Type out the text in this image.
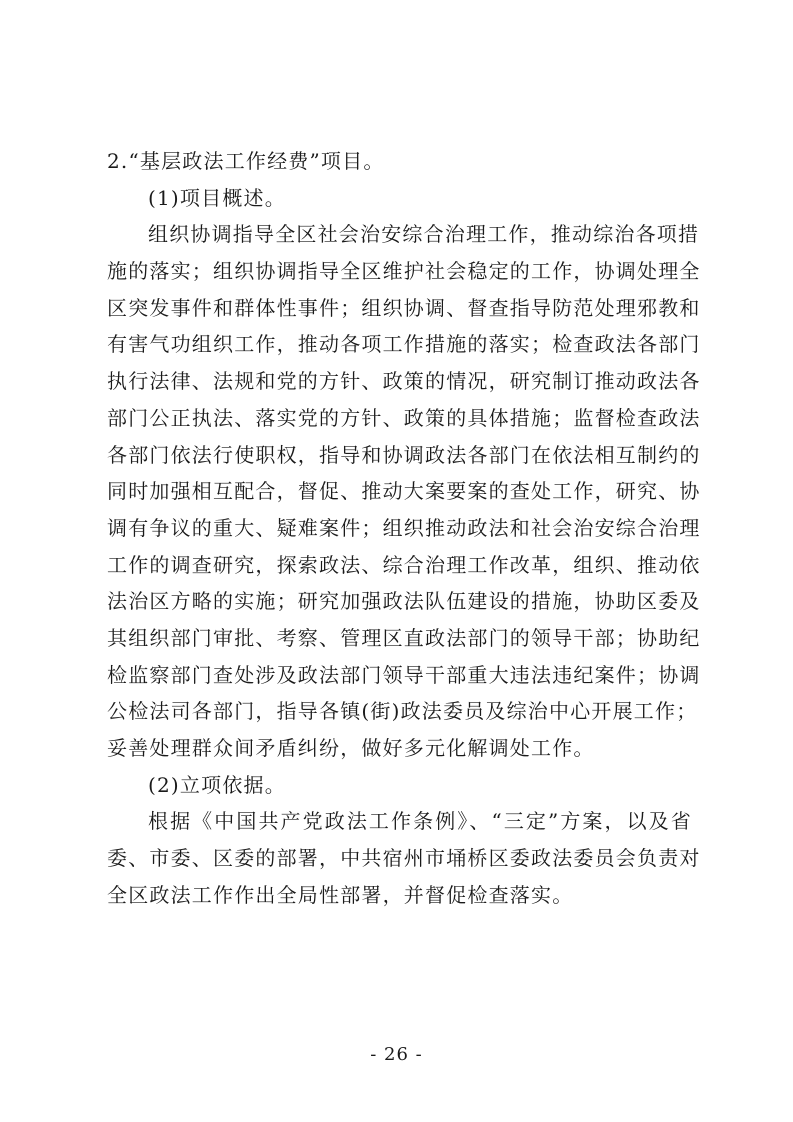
2.“基层政法工作经费”项目。
(1)项目概述。
组织协调指导全区社会治安综合治理工作，推动综治各项措
施的落实；组织协调指导全区维护社会稳定的工作，协调处理全
区突发事件和群体性事件；组织协调、督查指导防范处理邪教和
有害气功组织工作，推动各项工作措施的落实；检查政法各部门
执行法律、法规和党的方针、政策的情况，研究制订推动政法各
部门公正执法、落实党的方针、政策的具体措施；监督检查政法
各部门依法行使职权，指导和协调政法各部门在依法相互制约的
同时加强相互配合，督促、推动大案要案的查处工作，研究、协
调有争议的重大、疑难案件；组织推动政法和社会治安综合治理
工作的调查研究，探索政法、综合治理工作改革，组织、推动依
法治区方略的实施；研究加强政法队伍建设的措施，协助区委及
其组织部门审批、考察、管理区直政法部门的领导干部；协助纪
检监察部门查处涉及政法部门领导干部重大违法违纪案件；协调
公检法司各部门，指导各镇(街)政法委员及综治中心开展工作；
妥善处理群众间矛盾纠纷，做好多元化解调处工作。
(2)立项依据。
根据《中国共产党政法工作条例》、“三定”方案，以及省
委、市委、区委的部署，中共宿州市埇桥区委政法委员会负责对
全区政法工作作出全局性部署，并督促检查落实。
- 26 -
